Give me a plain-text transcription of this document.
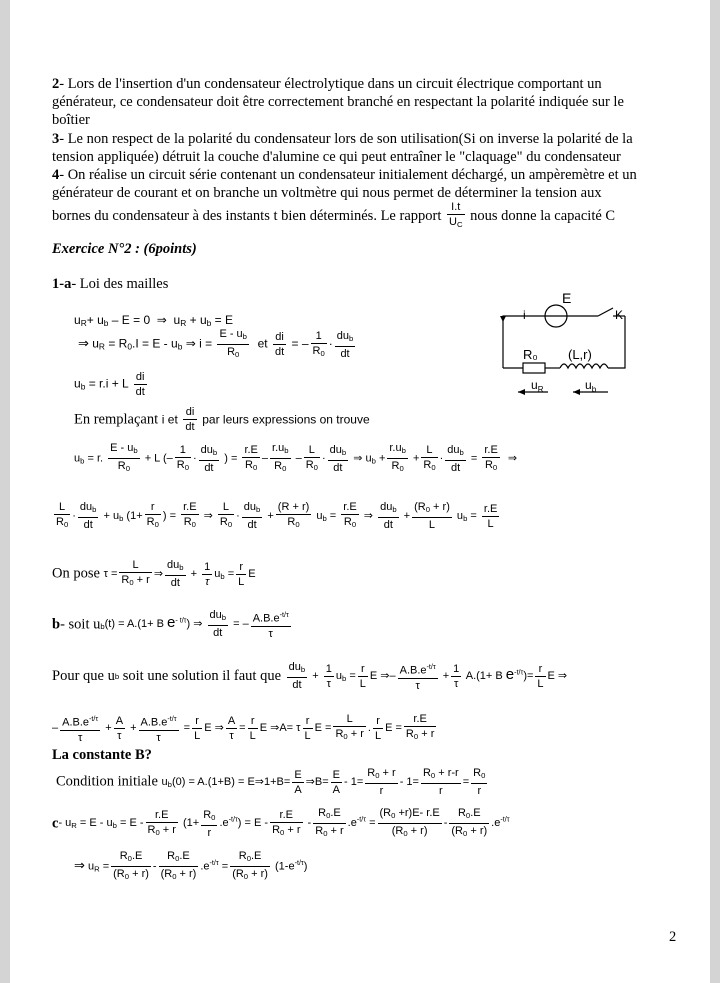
2- Lors de l'insertion d'un condensateur électrolytique dans un circuit électrique comportant un
générateur, ce condensateur doit être correctement branché en respectant la polarité indiquée sur le
boîtier
3- Le non respect de la polarité du condensateur lors de son utilisation(Si on inverse la polarité de la
tension appliquée) détruit la couche d'alumine ce qui peut entraîner le "claquage" du condensateur
4- On réalise un circuit série contenant un condensateur initialement déchargé, un ampèremètre et un
générateur de courant et on branche un voltmètre qui nous permet de déterminer la tension aux
bornes du condensateur à des instants t bien déterminés. Le rapport $\frac{I.t}{U_C}$ nous donne la capacité C
Exercice N°2 : (6points)
1-a- Loi des mailles
E
i	K
R₀ (L,r)
$u_R$	$u_b$
$u_R+ u_b - E = 0$  ⇒  $u_R + u_b = E$
⇒ $u_R = R_0.I = E - u_b$ ⇒ $i = \frac{E - u_b}{R_0}$ et $\frac{di}{dt}$ = – $\frac{1}{R_0}$ ·
$du_b$
dt
$u_b = r.i + L \frac{di}{dt}$
En remplaçant i et $\frac{di}{dt}$ par leurs expressions on trouve
$u_b = r$. $\frac{E - u_b}{R_0} + L$ (– $\frac{1}{R_0}$ ·
$du_b$
dt
) = $\frac{r.E}{R_0} - \frac{r.u_b}{R_0} - \frac{L}{R_0}$ ·
$du_b$
dt
⇒ $u_b + \frac{r.u_b}{R_0} + \frac{L}{R_0}$ ·
$du_b$
dt
= $\frac{r.E}{R_0}$ ⇒
$\frac{L}{R_0}$ ·
$du_b$
dt
+ $u_b$ ($1+ \frac{r}{R_0}$ ) = $\frac{r.E}{R_0}$ ⇒ $\frac{L}{R_0}$ ·
$du_b$
dt
+ $\frac{(R + r)}{R_0} u_b = \frac{r.E}{R_0}$ ⇒
$du_b$
dt
+ $\frac{(R_0 + r)}{L} u_b = \frac{r.E}{L}$
On pose $\tau = \frac{L}{R_0 + r}$ ⇒
$du_b$
dt
+ $\frac{1}{\tau} u_b = \frac{r}{L}$ E
b- soit $u_b(t) = A.(1+ B$ $e^{- t/\tau}$) ⇒
$du_b$
dt
= – $\frac{A.B.e^{-t/\tau}}{\tau}$
Pour que $u_b$ soit une solution il faut que
$du_b$
dt
+ $\frac{1}{\tau} u_b = \frac{r}{L}$ E ⇒– $\frac{A.B.e^{-t/\tau}}{\tau} + \frac{1}{\tau} A.(1+ B$ $e^{-t/\tau})= \frac{r}{L}$ E ⇒
– $\frac{A.B.e^{-t/\tau}}{\tau} + \frac{A}{\tau} + \frac{A.B.e^{-t/\tau}}{\tau} = \frac{r}{L}$ E ⇒ $\frac{A}{\tau} = \frac{r}{L}$ E ⇒A= τ $\frac{r}{L}$ $E = \frac{L}{R_0 + r}$ . $\frac{r}{L}$ $E = \frac{r.E}{R_0 + r}$
La constante B?
Condition initiale $u_b(0) = A.(1+B)$ = E⇒1+B= $\frac{E}{A}$ ⇒B= $\frac{E}{A} - 1= \frac{R_0 + r}{r} - 1= \frac{R_0 + r-r}{r} = \frac{R_0}{r}$
c- $u_R = E - u_b = E - \frac{r.E}{R_0 + r} (1+ \frac{R_0}{r} .e^{-t/\tau}) = E - \frac{r.E}{R_0 + r} - \frac{R_0.E}{R_0 + r} .e^{-t/\tau} = \frac{(R_0 +r)E- r.E}{(R_0 + r)} - \frac{R_0.E}{(R_0 + r)} .e^{-t/\tau}$
⇒ $u_R = \frac{R_0.E}{(R_0 + r)} - \frac{R_0.E}{(R_0 + r)} .e^{-t/\tau} = \frac{R_0.E}{(R_0 + r)} (1-e^{-t/\tau})$
2
